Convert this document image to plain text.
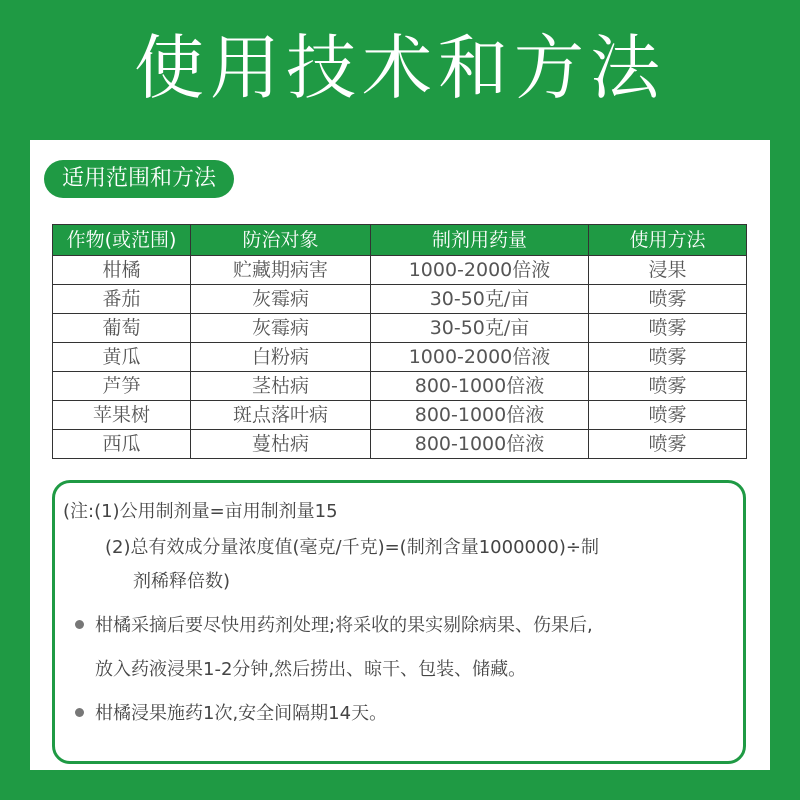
使用技术和方法
适用范围和方法
作物(或范围)	防治对象	制剂用药量	使用方法
柑橘	贮藏期病害	1000-2000倍液	浸果
番茄	灰霉病	30-50克/亩	喷雾
葡萄	灰霉病	30-50克/亩	喷雾
黄瓜	白粉病	1000-2000倍液	喷雾
芦笋	茎枯病	800-1000倍液	喷雾
苹果树	斑点落叶病	800-1000倍液	喷雾
西瓜	蔓枯病	800-1000倍液	喷雾
(注:(1)公用制剂量=亩用制剂量15
(2)总有效成分量浓度值(毫克/千克)=(制剂含量1000000)÷制
剂稀释倍数)
柑橘采摘后要尽快用药剂处理;将采收的果实剔除病果、伤果后,
放入药液浸果1-2分钟,然后捞出、晾干、包装、储藏。
柑橘浸果施药1次,安全间隔期14天。
